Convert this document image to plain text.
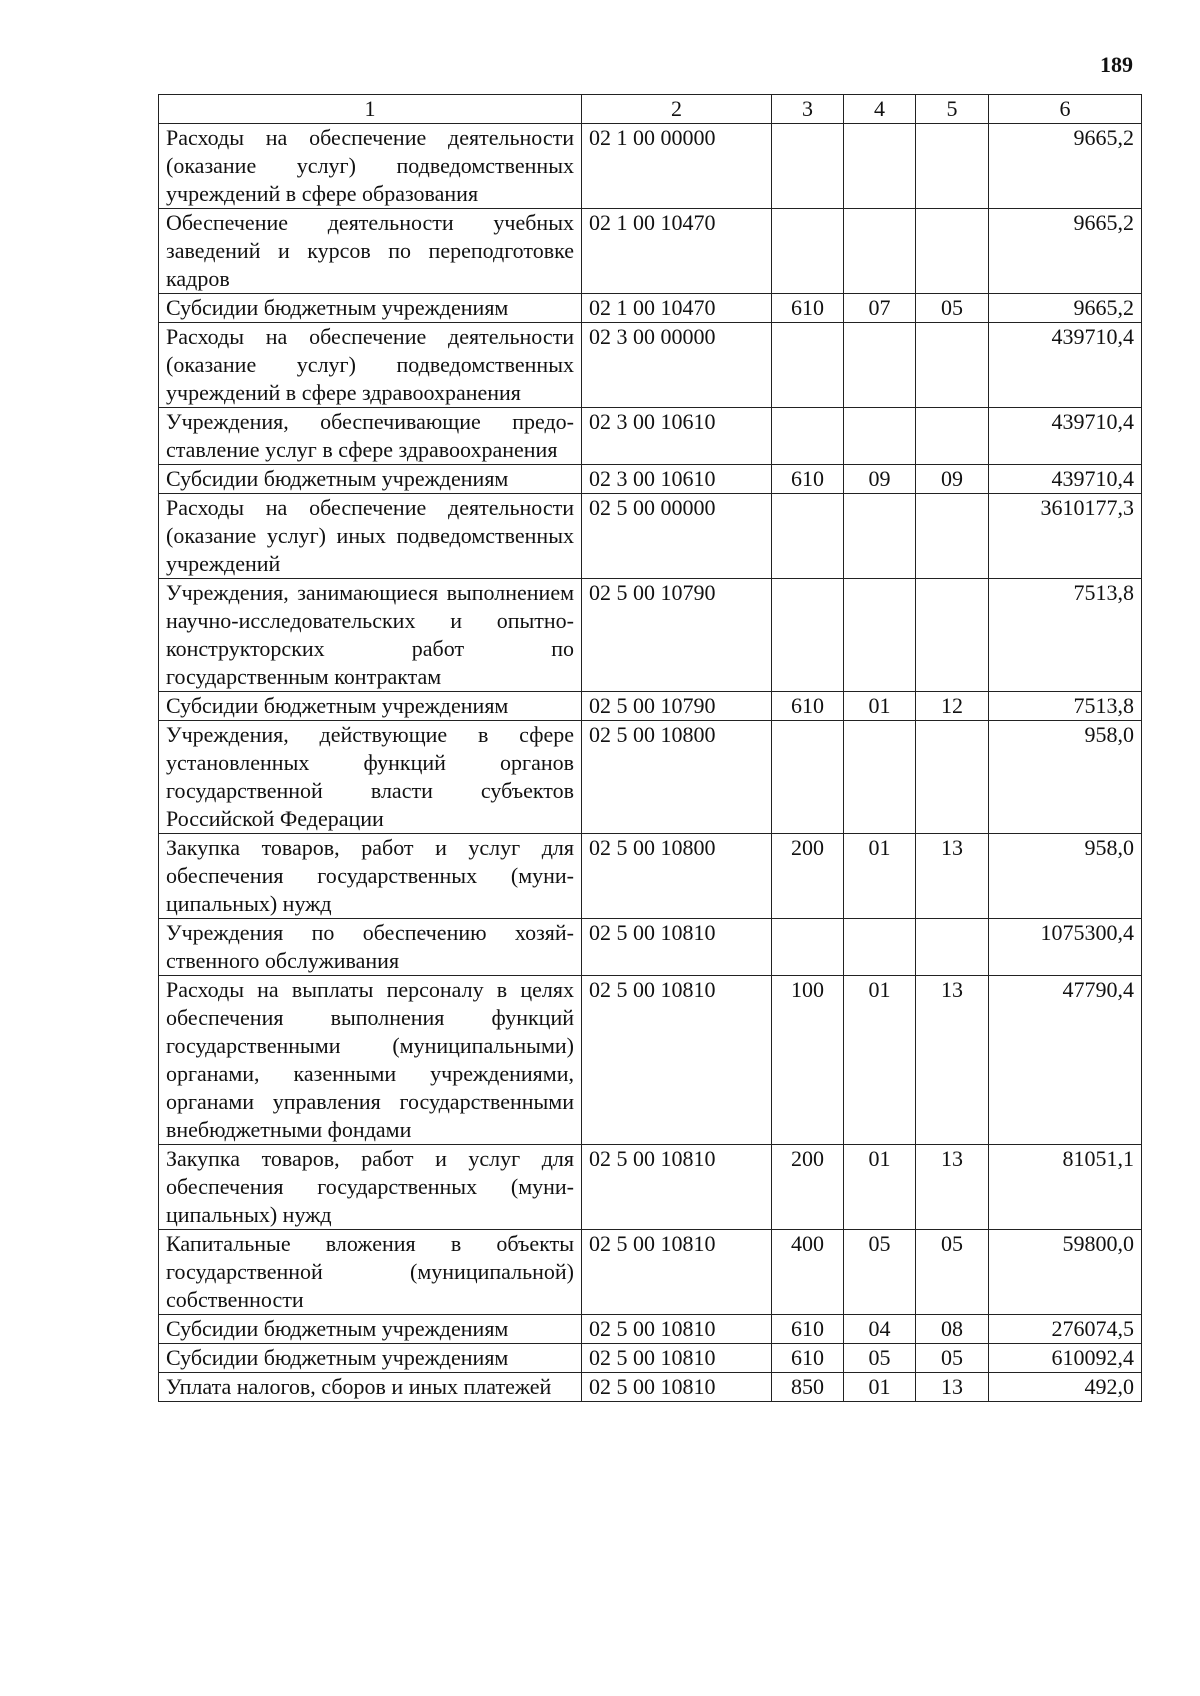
189
1	2	3	4	5	6
Расходы на обеспечение деятельности (оказание услуг) подведомственных учреждений в сфере образования	02 1 00 00000				9665,2
Обеспечение деятельности учебных заведений и курсов по переподготовке кадров	02 1 00 10470				9665,2
Субсидии бюджетным учреждениям	02 1 00 10470	610	07	05	9665,2
Расходы на обеспечение деятельности (оказание услуг) подведомственных учреждений в сфере здравоохранения	02 3 00 00000				439710,4
Учреждения, обеспечивающие предоставление услуг в сфере здравоохранения	02 3 00 10610				439710,4
Субсидии бюджетным учреждениям	02 3 00 10610	610	09	09	439710,4
Расходы на обеспечение деятельности (оказание услуг) иных подведомственных учреждений	02 5 00 00000				3610177,3
Учреждения, занимающиеся выполнением научно-исследовательских и опытно-конструкторских работ по государственным контрактам	02 5 00 10790				7513,8
Субсидии бюджетным учреждениям	02 5 00 10790	610	01	12	7513,8
Учреждения, действующие в сфере установленных функций органов государственной власти субъектов Российской Федерации	02 5 00 10800				958,0
Закупка товаров, работ и услуг для обеспечения государственных (муниципальных) нужд	02 5 00 10800	200	01	13	958,0
Учреждения по обеспечению хозяйственного обслуживания	02 5 00 10810				1075300,4
Расходы на выплаты персоналу в целях обеспечения выполнения функций государственными (муниципальными) органами, казенными учреждениями, органами управления государственными внебюджетными фондами	02 5 00 10810	100	01	13	47790,4
Закупка товаров, работ и услуг для обеспечения государственных (муниципальных) нужд	02 5 00 10810	200	01	13	81051,1
Капитальные вложения в объекты государственной (муниципальной) собственности	02 5 00 10810	400	05	05	59800,0
Субсидии бюджетным учреждениям	02 5 00 10810	610	04	08	276074,5
Субсидии бюджетным учреждениям	02 5 00 10810	610	05	05	610092,4
Уплата налогов, сборов и иных платежей	02 5 00 10810	850	01	13	492,0
